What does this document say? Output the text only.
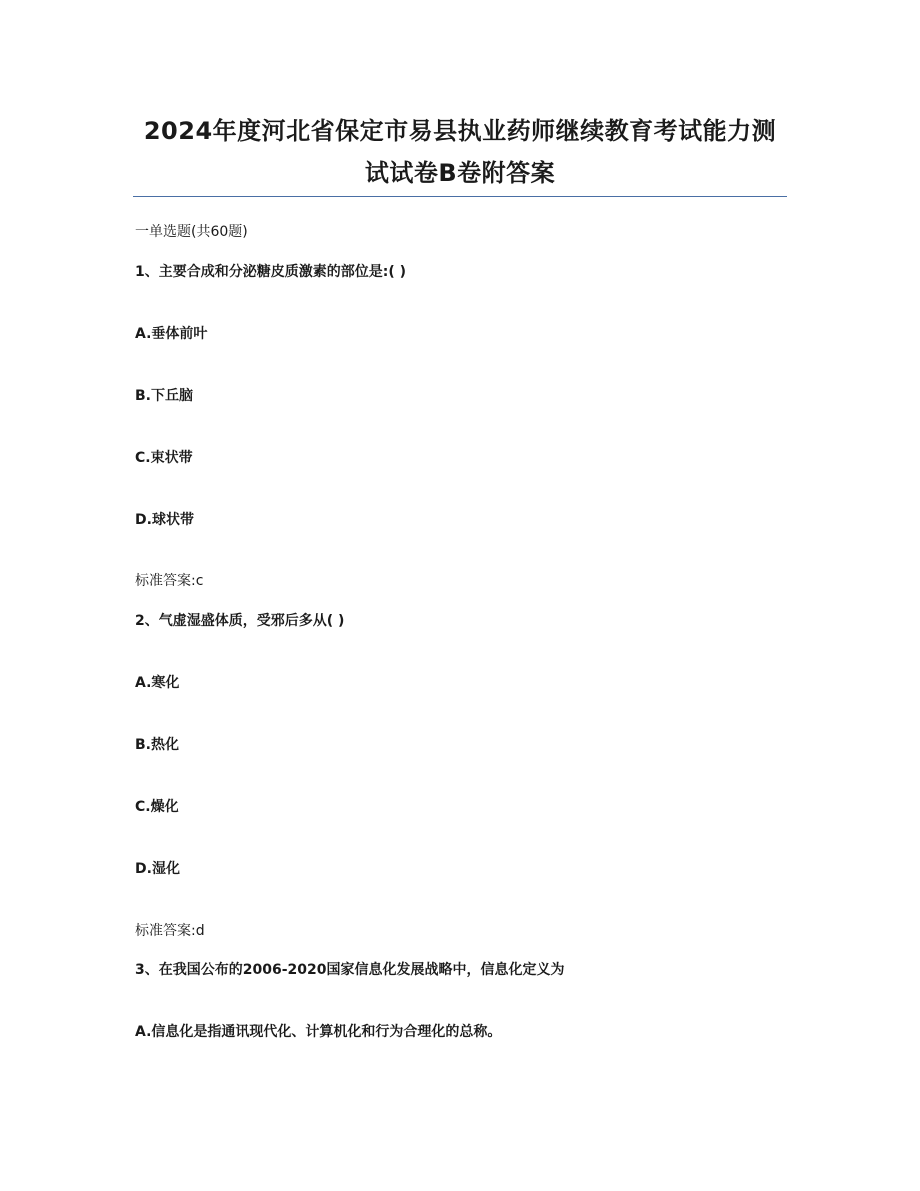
2024年度河北省保定市易县执业药师继续教育考试能力测
试试卷B卷附答案
一单选题(共60题)
1、主要合成和分泌糖皮质激素的部位是:( )
A.垂体前叶
B.下丘脑
C.束状带
D.球状带
标准答案:c
2、气虚湿盛体质，受邪后多从( )
A.寒化
B.热化
C.燥化
D.湿化
标准答案:d
3、在我国公布的2006-2020国家信息化发展战略中，信息化定义为
A.信息化是指通讯现代化、计算机化和行为合理化的总称。
